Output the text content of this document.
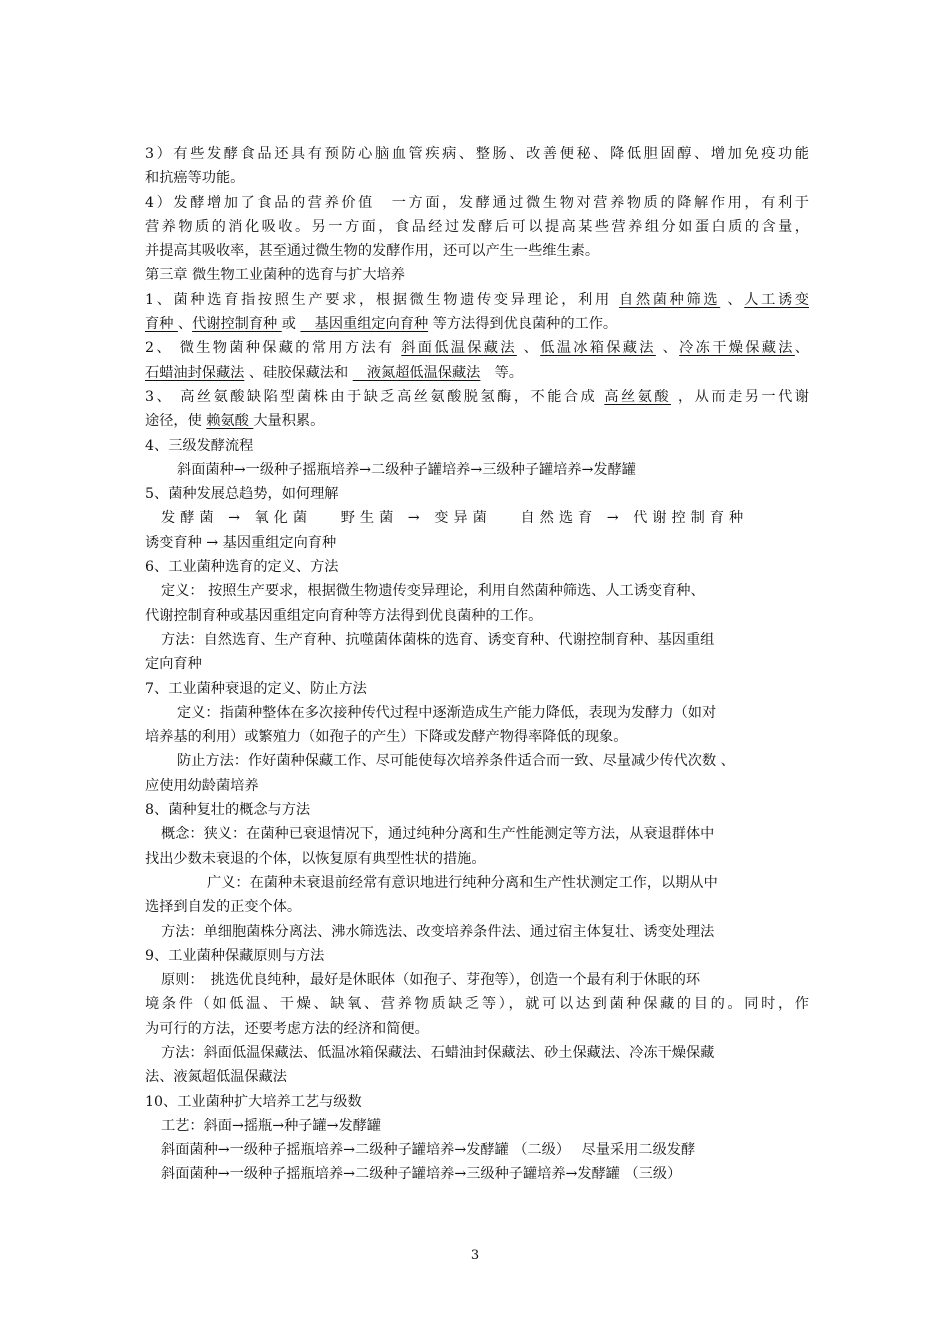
3）有些发酵食品还具有预防心脑血管疾病、整肠、改善便秘、降低胆固醇、增加免疫功能
和抗癌等功能。
4）发酵增加了食品的营养价值　一方面，发酵通过微生物对营养物质的降解作用，有利于
营养物质的消化吸收。另一方面，食品经过发酵后可以提高某些营养组分如蛋白质的含量，
并提高其吸收率，甚至通过微生物的发酵作用，还可以产生一些维生素。
第三章 微生物工业菌种的选育与扩大培养
1、菌种选育指按照生产要求，根据微生物遗传变异理论，利用 自然菌种筛选 、人工诱变
育种 、代谢控制育种 或 　基因重组定向育种 等方法得到优良菌种的工作。
2、 微生物菌种保藏的常用方法有 斜面低温保藏法 、低温冰箱保藏法 、冷冻干燥保藏法、
石蜡油封保藏法 、硅胶保藏法和 　液氮超低温保藏法　等。
3、 高丝氨酸缺陷型菌株由于缺乏高丝氨酸脱氢酶，不能合成 高丝氨酸 ，从而走另一代谢
途径，使 赖氨酸 大量积累。
4、三级发酵流程
斜面菌种→一级种子摇瓶培养→二级种子罐培养→三级种子罐培养→发酵罐
5、菌种发展总趋势，如何理解
发酵菌 → 氧化菌　 野生菌 → 变异菌　 自然选育 → 代谢控制育种
诱变育种 → 基因重组定向育种
6、工业菌种选育的定义、方法
定义： 按照生产要求，根据微生物遗传变异理论，利用自然菌种筛选、人工诱变育种、
代谢控制育种或基因重组定向育种等方法得到优良菌种的工作。
方法：自然选育、生产育种、抗噬菌体菌株的选育、诱变育种、代谢控制育种、基因重组
定向育种
7、工业菌种衰退的定义、防止方法
定义：指菌种整体在多次接种传代过程中逐渐造成生产能力降低，表现为发酵力（如对
培养基的利用）或繁殖力（如孢子的产生）下降或发酵产物得率降低的现象。
防止方法：作好菌种保藏工作、尽可能使每次培养条件适合而一致、尽量减少传代次数 、
应使用幼龄菌培养
8、菌种复壮的概念与方法
概念：狭义：在菌种已衰退情况下，通过纯种分离和生产性能测定等方法，从衰退群体中
找出少数未衰退的个体，以恢复原有典型性状的措施。
广义：在菌种未衰退前经常有意识地进行纯种分离和生产性状测定工作，以期从中
选择到自发的正变个体。
方法：单细胞菌株分离法、沸水筛选法、改变培养条件法、通过宿主体复壮、诱变处理法
9、工业菌种保藏原则与方法
原则：　挑选优良纯种，最好是休眠体（如孢子、芽孢等），创造一个最有利于休眠的环
境条件（如低温、干燥、缺氧、营养物质缺乏等），就可以达到菌种保藏的目的。同时，作
为可行的方法，还要考虑方法的经济和简便。
方法：斜面低温保藏法、低温冰箱保藏法、石蜡油封保藏法、砂土保藏法、冷冻干燥保藏
法、液氮超低温保藏法
10、工业菌种扩大培养工艺与级数
工艺：斜面→摇瓶→种子罐→发酵罐
斜面菌种→一级种子摇瓶培养→二级种子罐培养→发酵罐 （二级）　 尽量采用二级发酵
斜面菌种→一级种子摇瓶培养→二级种子罐培养→三级种子罐培养→发酵罐 （三级）
3
